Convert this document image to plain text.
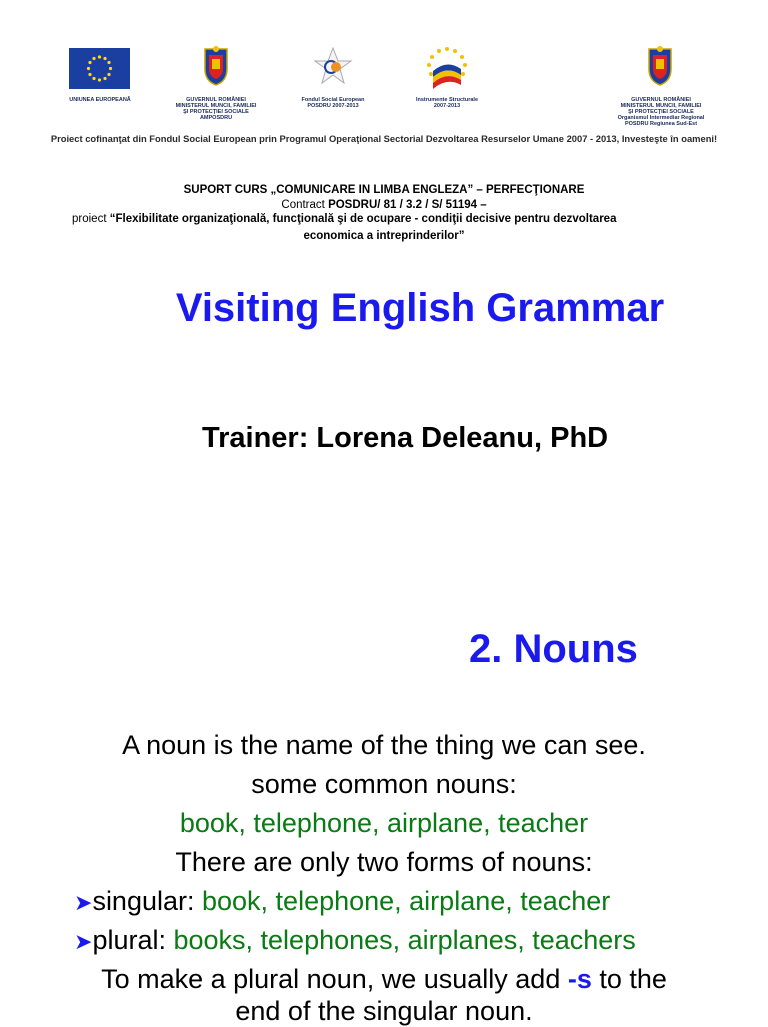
UNIUNEA EUROPEANĂ	GUVERNUL ROMÂNIEI
MINISTERUL MUNCII, FAMILIEI
ŞI PROTECŢIEI SOCIALE
AMPOSDRU
Fondul Social European
POSDRU 2007-2013
Instrumente Structurale
2007-2013
GUVERNUL ROMÂNIEI
MINISTERUL MUNCII, FAMILIEI
ŞI PROTECŢIEI SOCIALE
Organismul Intermediar Regional
POSDRU Regiunea Sud-Est
Proiect cofinanţat din Fondul Social European prin Programul Operaţional Sectorial Dezvoltarea Resurselor Umane 2007 - 2013, Investeşte în oameni!
SUPORT CURS „COMUNICARE IN LIMBA ENGLEZA” – PERFECŢIONARE
Contract POSDRU/ 81 / 3.2 / S/ 51194 –
proiect “Flexibilitate organizaţională, funcţională şi de ocupare - condiţii decisive pentru dezvoltarea
economica a intreprinderilor”
Visiting English Grammar
Trainer: Lorena Deleanu, PhD
2. Nouns
A noun is the name of the thing we can see.
some common nouns:
book, telephone, airplane, teacher
There are only two forms of nouns:
➤singular: book, telephone, airplane, teacher
➤plural: books, telephones, airplanes, teachers
To make a plural noun, we usually add -s to the
end of the singular noun.
